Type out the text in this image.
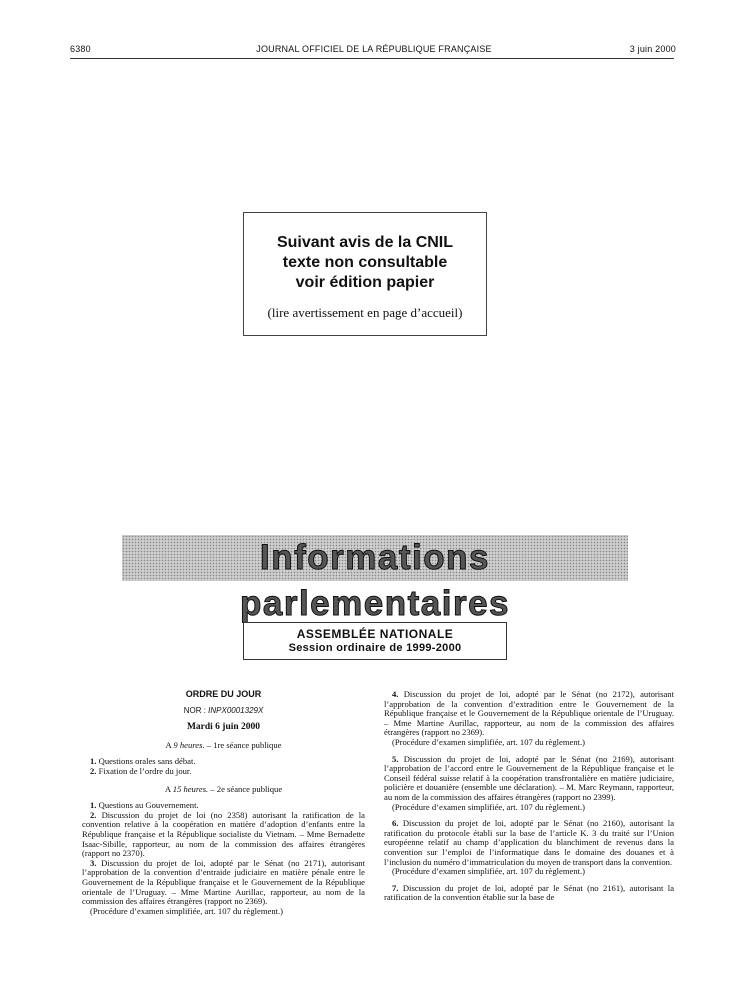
6380	JOURNAL OFFICIEL DE LA RÉPUBLIQUE FRANÇAISE	3 juin 2000
Suivant avis de la CNIL
texte non consultable
voir édition papier
(lire avertissement en page d’accueil)
Informations parlementaires
ASSEMBLÉE NATIONALE
Session ordinaire de 1999-2000
ORDRE DU JOUR
NOR : INPX0001329X
Mardi 6 juin 2000
A 9 heures. – 1re séance publique

1. Questions orales sans débat.

2. Fixation de l’ordre du jour.

A 15 heures. – 2e séance publique

1. Questions au Gouvernement.

2. Discussion du projet de loi (no 2358) autorisant la ratification de la convention relative à la coopération en matière d’adoption d’enfants entre la République française et la République socialiste du Vietnam. – Mme Bernadette Isaac-Sibille, rapporteur, au nom de la commission des affaires étrangères (rapport no 2370).

3. Discussion du projet de loi, adopté par le Sénat (no 2171), autorisant l’approbation de la convention d’entraide judiciaire en matière pénale entre le Gouvernement de la République française et le Gouvernement de la République orientale de l’Uruguay. – Mme Martine Aurillac, rapporteur, au nom de la commission des affaires étrangères (rapport no 2369).

(Procédure d’examen simplifiée, art. 107 du règlement.)

4. Discussion du projet de loi, adopté par le Sénat (no 2172), autorisant l’approbation de la convention d’extradition entre le Gouvernement de la République française et le Gouvernement de la République orientale de l’Uruguay. – Mme Martine Aurillac, rapporteur, au nom de la commission des affaires étrangères (rapport no 2369).

(Procédure d’examen simplifiée, art. 107 du règlement.)

5. Discussion du projet de loi, adopté par le Sénat (no 2169), autorisant l’approbation de l’accord entre le Gouvernement de la République française et le Conseil fédéral suisse relatif à la coopération transfrontalière en matière judiciaire, policière et douanière (ensemble une déclaration). – M. Marc Reymann, rapporteur, au nom de la commission des affaires étrangères (rapport no 2399).

(Procédure d’examen simplifiée, art. 107 du règlement.)

6. Discussion du projet de loi, adopté par le Sénat (no 2160), autorisant la ratification du protocole établi sur la base de l’article K. 3 du traité sur l’Union européenne relatif au champ d’application du blanchiment de revenus dans la convention sur l’emploi de l’informatique dans le domaine des douanes et à l’inclusion du numéro d’immatriculation du moyen de transport dans la convention.

(Procédure d’examen simplifiée, art. 107 du règlement.)

7. Discussion du projet de loi, adopté par le Sénat (no 2161), autorisant la ratification de la convention établie sur la base de
